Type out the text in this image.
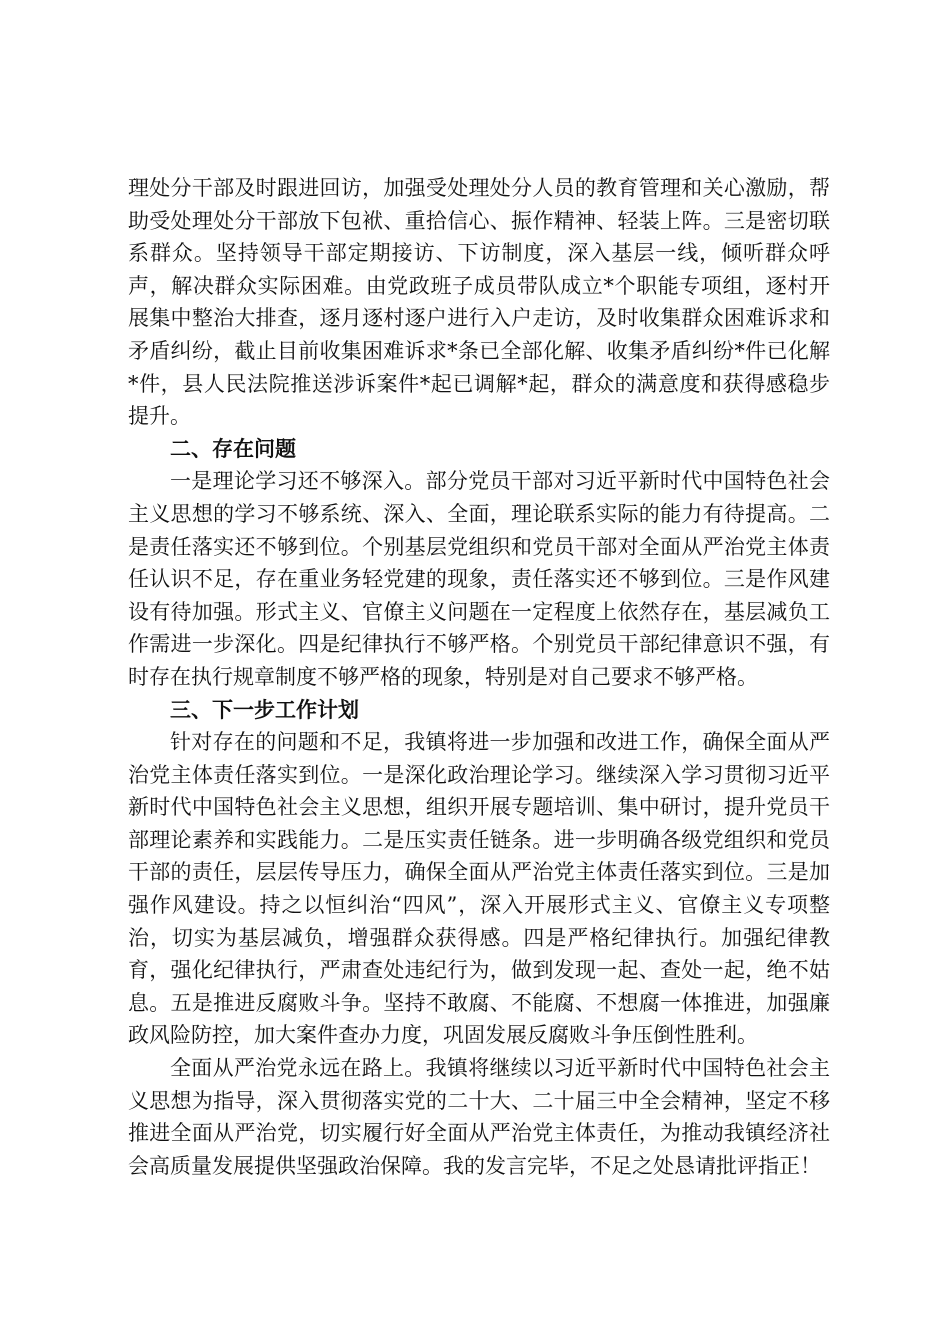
理处分干部及时跟进回访，加强受处理处分人员的教育管理和关心激励，帮助受处理处分干部放下包袱、重拾信心、振作精神、轻装上阵。三是密切联系群众。坚持领导干部定期接访、下访制度，深入基层一线，倾听群众呼声，解决群众实际困难。由党政班子成员带队成立*个职能专项组，逐村开展集中整治大排查，逐月逐村逐户进行入户走访，及时收集群众困难诉求和矛盾纠纷，截止目前收集困难诉求*条已全部化解、收集矛盾纠纷*件已化解*件，县人民法院推送涉诉案件*起已调解*起，群众的满意度和获得感稳步提升。

二、存在问题

一是理论学习还不够深入。部分党员干部对习近平新时代中国特色社会主义思想的学习不够系统、深入、全面，理论联系实际的能力有待提高。二是责任落实还不够到位。个别基层党组织和党员干部对全面从严治党主体责任认识不足，存在重业务轻党建的现象，责任落实还不够到位。三是作风建设有待加强。形式主义、官僚主义问题在一定程度上依然存在，基层减负工作需进一步深化。四是纪律执行不够严格。个别党员干部纪律意识不强，有时存在执行规章制度不够严格的现象，特别是对自己要求不够严格。

三、下一步工作计划

针对存在的问题和不足，我镇将进一步加强和改进工作，确保全面从严治党主体责任落实到位。一是深化政治理论学习。继续深入学习贯彻习近平新时代中国特色社会主义思想，组织开展专题培训、集中研讨，提升党员干部理论素养和实践能力。二是压实责任链条。进一步明确各级党组织和党员干部的责任，层层传导压力，确保全面从严治党主体责任落实到位。三是加强作风建设。持之以恒纠治“四风”，深入开展形式主义、官僚主义专项整治，切实为基层减负，增强群众获得感。四是严格纪律执行。加强纪律教育，强化纪律执行，严肃查处违纪行为，做到发现一起、查处一起，绝不姑息。五是推进反腐败斗争。坚持不敢腐、不能腐、不想腐一体推进，加强廉政风险防控，加大案件查办力度，巩固发展反腐败斗争压倒性胜利。

全面从严治党永远在路上。我镇将继续以习近平新时代中国特色社会主义思想为指导，深入贯彻落实党的二十大、二十届三中全会精神，坚定不移推进全面从严治党，切实履行好全面从严治党主体责任，为推动我镇经济社会高质量发展提供坚强政治保障。我的发言完毕，不足之处恳请批评指正！
